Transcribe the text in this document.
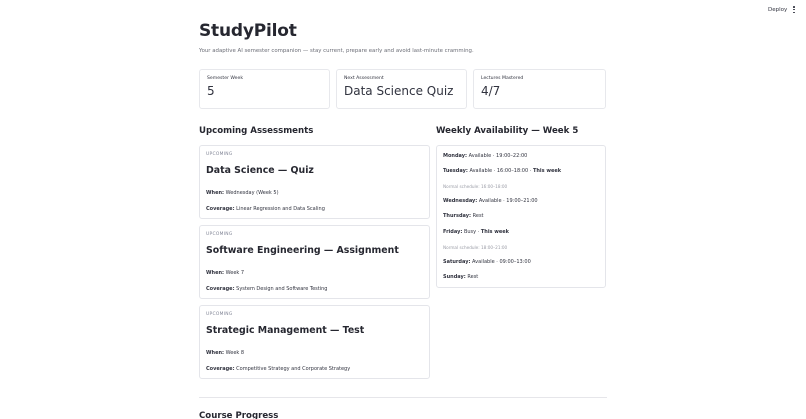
Deploy
StudyPilot
Your adaptive AI semester companion — stay current, prepare early and avoid last-minute cramming.
Semester Week
5
Next Assessment
Data Science Quiz
Lectures Mastered
4/7
Upcoming Assessments
UPCOMING
Data Science — Quiz
When: Wednesday (Week 5)
Coverage: Linear Regression and Data Scaling
UPCOMING
Software Engineering — Assignment
When: Week 7
Coverage: System Design and Software Testing
UPCOMING
Strategic Management — Test
When: Week 8
Coverage: Competitive Strategy and Corporate Strategy
Weekly Availability — Week 5
Monday: Available · 19:00–22:00
Tuesday: Available · 16:00–18:00 · This week
Normal schedule: 16:00–18:00
Wednesday: Available · 19:00–21:00
Thursday: Rest
Friday: Busy · This week
Normal schedule: 18:00–21:00
Saturday: Available · 09:00–13:00
Sunday: Rest
Course Progress
